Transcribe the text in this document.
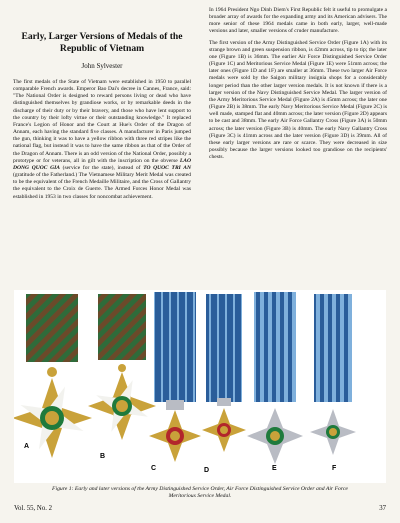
Early, Larger Versions of Medals of the Republic of Vietnam
John Sylvester

The first medals of the State of Vietnam were established in 1950 to parallel comparable French awards. Emperor Bao Dai's decree in Cannes, France, said: "The National Order is designed to reward persons living or dead who have distinguished themselves by grandiose works, or by remarkable deeds in the discharge of their duty or by their bravery, and those who have lent support to the country by their lofty virtue or their outstanding knowledge." It replaced France's Legion of Honor and the Court at Hue's Order of the Dragon of Annam, each having the standard five classes. A manufacturer in Paris jumped the gun, thinking it was to have a yellow ribbon with three red stripes like the national flag, but instead it was to have the same ribbon as that of the Order of the Dragon of Annam. There is an odd version of the National Order, possibly a prototype or for veterans, all in gilt with the inscription on the obverse LAO DONG QUOC GIA (service for the state), instead of TO QUOC TRI AN (gratitude of the Fatherland.) The Vietnamese Military Merit Medal was created to be the equivalent of the French Medaille Militaire, and the Cross of Gallantry the equivalent to the Croix de Guerre. The Armed Forces Honor Medal was established in 1953 in two classes for noncombat achievement.

In 1964 President Ngo Dinh Diem's First Republic felt it useful to promulgate a broader array of awards for the expanding army and its American advisers. The more senior of these 1964 medals came in both early, larger, well-made versions and later, smaller versions of cruder manufacture.

The first version of the Army Distinguished Service Order (Figure 1A) with its strange brown and green suspension ribbon, is 42mm across, tip to tip; the later one (Figure 1B) is 36mm. The earlier Air Force Distinguished Service Order (Figure 1C) and Meritorious Service Medal (Figure 1E) were 51mm across; the later ones (Figure 1D and 1F) are smaller at 36mm. These two larger Air Force medals were sold by the Saigon military insignia shops for a considerably longer period than the other larger version medals. It is not known if there is a larger version of the Navy Distinguished Service Medal. The larger version of the Army Meritorious Service Medal (Figure 2A) is 45mm across; the later one (Figure 2B) is 38mm. The early Navy Meritorious Service Medal (Figure 2C) is well made, stamped flat and 40mm across; the later version (Figure 2D) appears to be cast and 38mm. The early Air Force Gallantry Cross (Figure 3A) is 50mm across; the later version (Figure 3B) is 40mm. The early Navy Gallantry Cross (Figure 3C) is 41mm across and the later version (Figure 3D) is 39mm. All of these early larger versions are rare or scarce. They were decreased in size possibly because the larger versions looked too grandiose on the recipients' chests.

A
B
C	D	E	F
Figure 1: Early and later versions of the Army Distinguished Service Order, Air Force Distinguished Service Order and Air Force Meritorious Service Medal.
Vol. 55, No. 2	37
